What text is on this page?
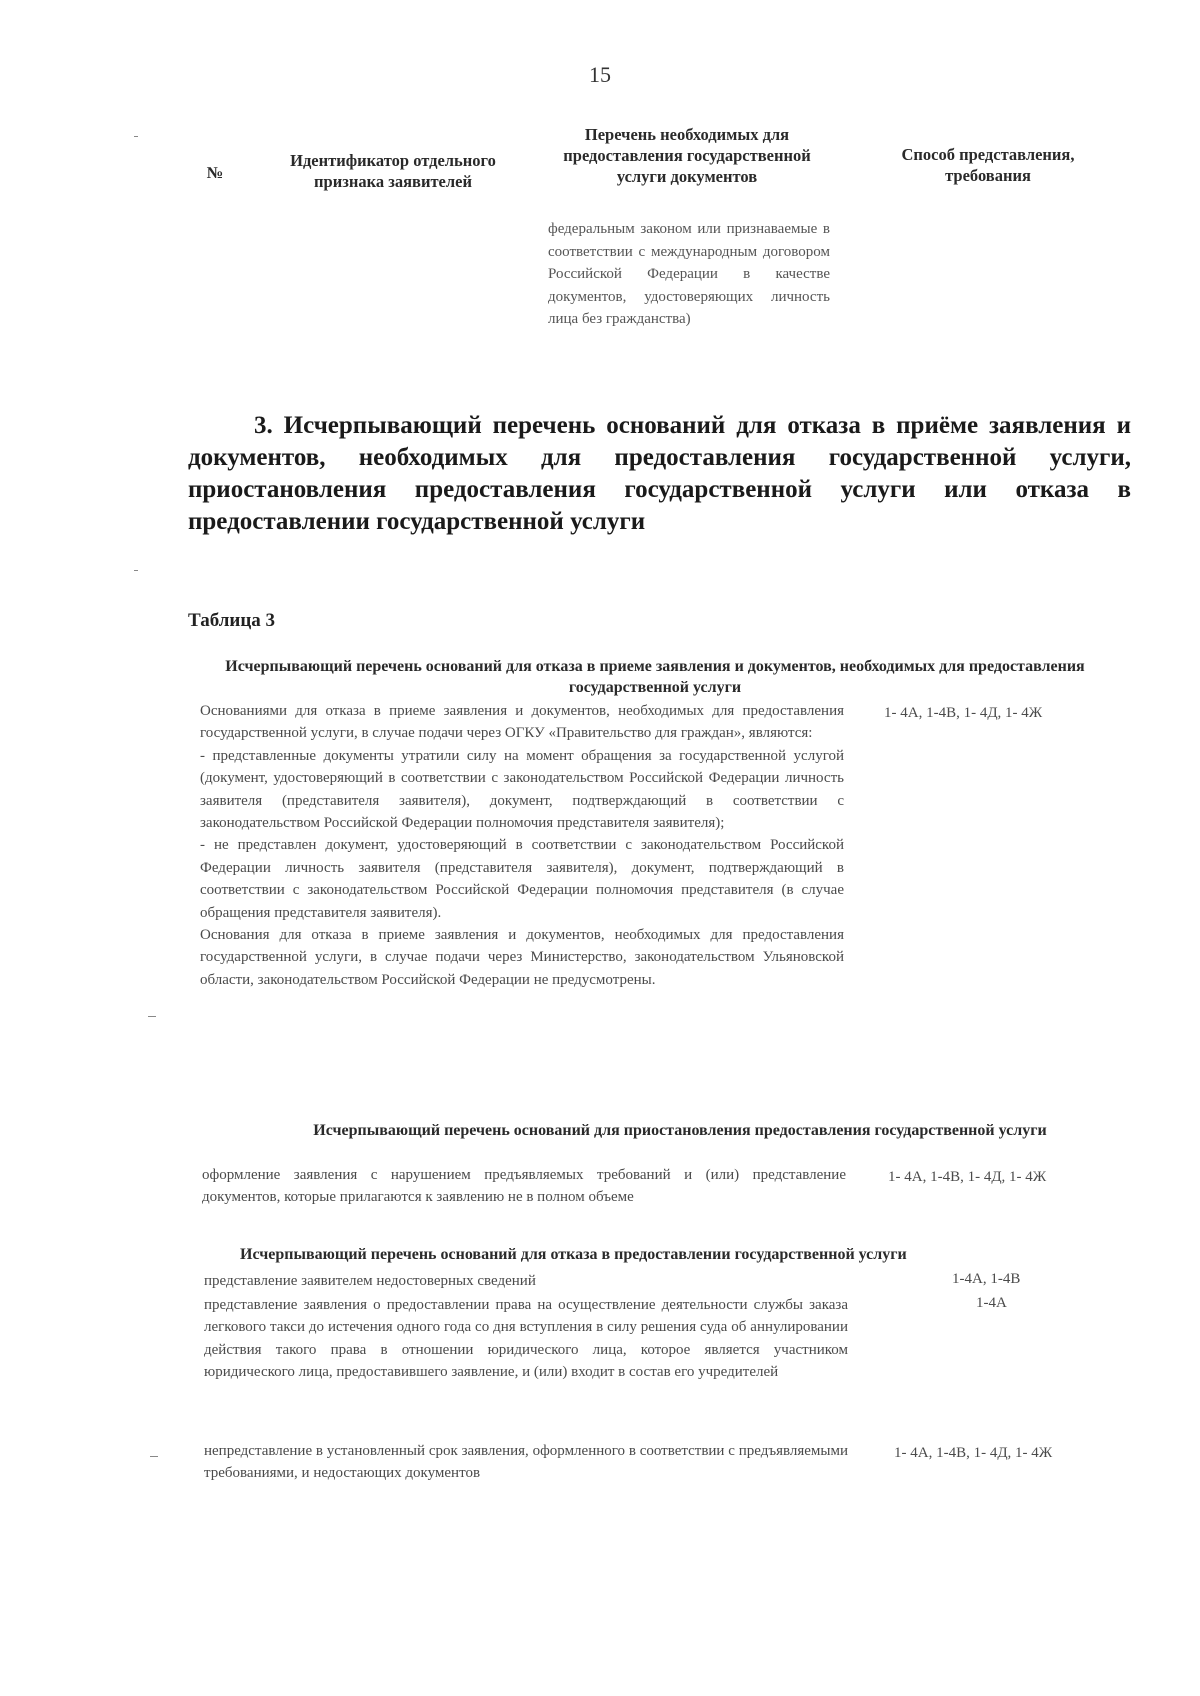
15
№
Идентификатор отдельного признака заявителей
Перечень необходимых для предоставления государственной услуги документов
Способ представления, требования
федеральным законом или признаваемые в соответствии с международным договором Российской Федерации в качестве документов, удостоверяющих личность лица без гражданства)
3. Исчерпывающий перечень оснований для отказа в приёме заявления и документов, необходимых для предоставления государственной услуги, приостановления предоставления государственной услуги или отказа в предоставлении государственной услуги
Таблица 3
Исчерпывающий перечень оснований для отказа в приеме заявления и документов, необходимых для предоставления государственной услуги

Основаниями для отказа в приеме заявления и документов, необходимых для предоставления государственной услуги, в случае подачи через ОГКУ «Правительство для граждан», являются:

- представленные документы утратили силу на момент обращения за государственной услугой (документ, удостоверяющий в соответствии с законодательством Российской Федерации личность заявителя (представителя заявителя), документ, подтверждающий в соответствии с законодательством Российской Федерации полномочия представителя заявителя);

- не представлен документ, удостоверяющий в соответствии с законодательством Российской Федерации личность заявителя (представителя заявителя), документ, подтверждающий в соответствии с законодательством Российской Федерации полномочия представителя (в случае обращения представителя заявителя).

Основания для отказа в приеме заявления и документов, необходимых для предоставления государственной услуги, в случае подачи через Министерство, законодательством Ульяновской области, законодательством Российской Федерации не предусмотрены.

1- 4А, 1-4В, 1- 4Д, 1- 4Ж
Исчерпывающий перечень оснований для приостановления предоставления государственной услуги

оформление заявления с нарушением предъявляемых требований и (или) представление документов, которые прилагаются к заявлению не в полном объеме

1- 4А, 1-4В, 1- 4Д, 1- 4Ж
Исчерпывающий перечень оснований для отказа в предоставлении государственной услуги

представление заявителем недостоверных сведений	1-4А, 1-4В

представление заявления о предоставлении права на осуществление деятельности службы заказа легкового такси до истечения одного года со дня вступления в силу решения суда об аннулировании действия такого права в отношении юридического лица, которое является участником юридического лица, предоставившего заявление, и (или) входит в состав его учредителей

1-4А

непредставление в установленный срок заявления, оформленного в соответствии с предъявляемыми требованиями, и недостающих документов

1- 4А, 1-4В, 1- 4Д, 1- 4Ж
